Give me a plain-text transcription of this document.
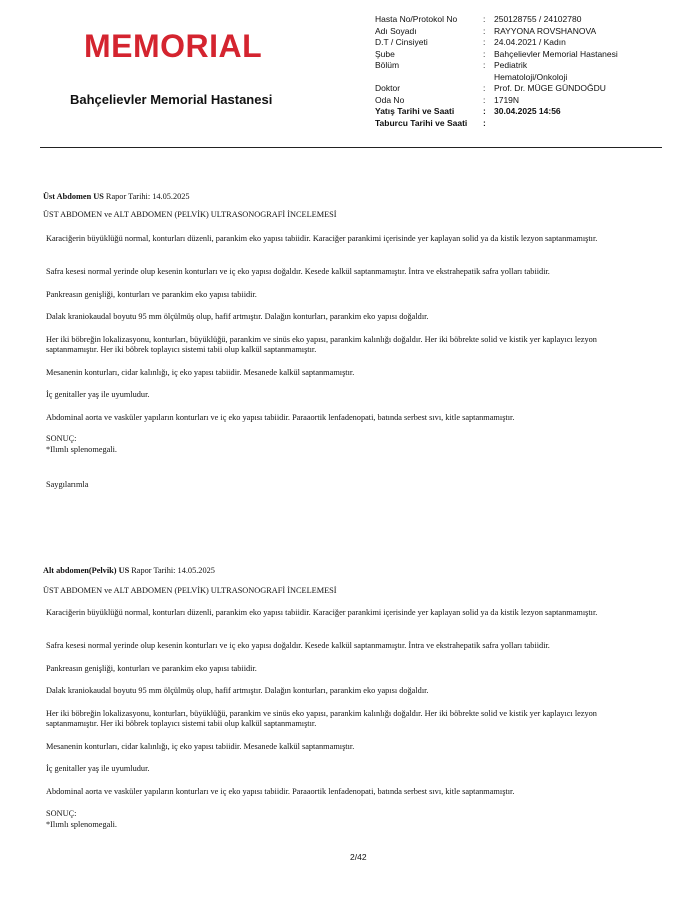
MEMORIAL
Bahçelievler Memorial Hastanesi
Hasta No/Protokol No	:	250128755 / 24102780
Adı Soyadı	:	RAYYONA ROVSHANOVA
D.T / Cinsiyeti	:	24.04.2021 / Kadın
Şube	:	Bahçelievler Memorial Hastanesi
Bölüm	:	Pediatrik Hematoloji/Onkoloji
Doktor	:	Prof. Dr. MÜGE GÜNDOĞDU
Oda No	:	1719N
Yatış Tarihi ve Saati	: 30.04.2025 14:56
Taburcu Tarihi ve Saati	:
Üst Abdomen US Rapor Tarihi: 14.05.2025
ÜST ABDOMEN ve ALT ABDOMEN (PELVİK) ULTRASONOGRAFİ İNCELEMESİ
Karaciğerin büyüklüğü normal, konturları düzenli, parankim eko yapısı tabiidir. Karaciğer parankimi içerisinde yer kaplayan solid ya da kistik lezyon saptanmamıştır.
Safra kesesi normal yerinde olup kesenin konturları ve iç eko yapısı doğaldır. Kesede kalkül saptanmamıştır. İntra ve ekstrahepatik safra yolları tabiidir.
Pankreasın genişliği, konturları ve parankim eko yapısı tabiidir.
Dalak kraniokaudal boyutu 95 mm ölçülmüş olup, hafif artmıştır. Dalağın konturları, parankim eko yapısı doğaldır.
Her iki böbreğin lokalizasyonu, konturları, büyüklüğü, parankim ve sinüs eko yapısı, parankim kalınlığı doğaldır. Her iki böbrekte solid ve kistik yer kaplayıcı lezyon saptanmamıştır. Her iki böbrek toplayıcı sistemi tabii olup kalkül saptanmamıştır.
Mesanenin konturları, cidar kalınlığı, iç eko yapısı tabiidir. Mesanede kalkül saptanmamıştır.
İç genitaller yaş ile uyumludur.
Abdominal aorta ve vasküler yapıların konturları ve iç eko yapısı tabiidir. Paraaortik lenfadenopati, batında serbest sıvı, kitle saptanmamıştır.
SONUÇ:
*Ilımlı splenomegali.
Saygılarımla
Alt abdomen(Pelvik) US Rapor Tarihi: 14.05.2025
ÜST ABDOMEN ve ALT ABDOMEN (PELVİK) ULTRASONOGRAFİ İNCELEMESİ
Karaciğerin büyüklüğü normal, konturları düzenli, parankim eko yapısı tabiidir. Karaciğer parankimi içerisinde yer kaplayan solid ya da kistik lezyon saptanmamıştır.
Safra kesesi normal yerinde olup kesenin konturları ve iç eko yapısı doğaldır. Kesede kalkül saptanmamıştır. İntra ve ekstrahepatik safra yolları tabiidir.
Pankreasın genişliği, konturları ve parankim eko yapısı tabiidir.
Dalak kraniokaudal boyutu 95 mm ölçülmüş olup, hafif artmıştır. Dalağın konturları, parankim eko yapısı doğaldır.
Her iki böbreğin lokalizasyonu, konturları, büyüklüğü, parankim ve sinüs eko yapısı, parankim kalınlığı doğaldır. Her iki böbrekte solid ve kistik yer kaplayıcı lezyon saptanmamıştır. Her iki böbrek toplayıcı sistemi tabii olup kalkül saptanmamıştır.
Mesanenin konturları, cidar kalınlığı, iç eko yapısı tabiidir. Mesanede kalkül saptanmamıştır.
İç genitaller yaş ile uyumludur.
Abdominal aorta ve vasküler yapıların konturları ve iç eko yapısı tabiidir. Paraaortik lenfadenopati, batında serbest sıvı, kitle saptanmamıştır.
SONUÇ:
*Ilımlı splenomegali.
2/42
